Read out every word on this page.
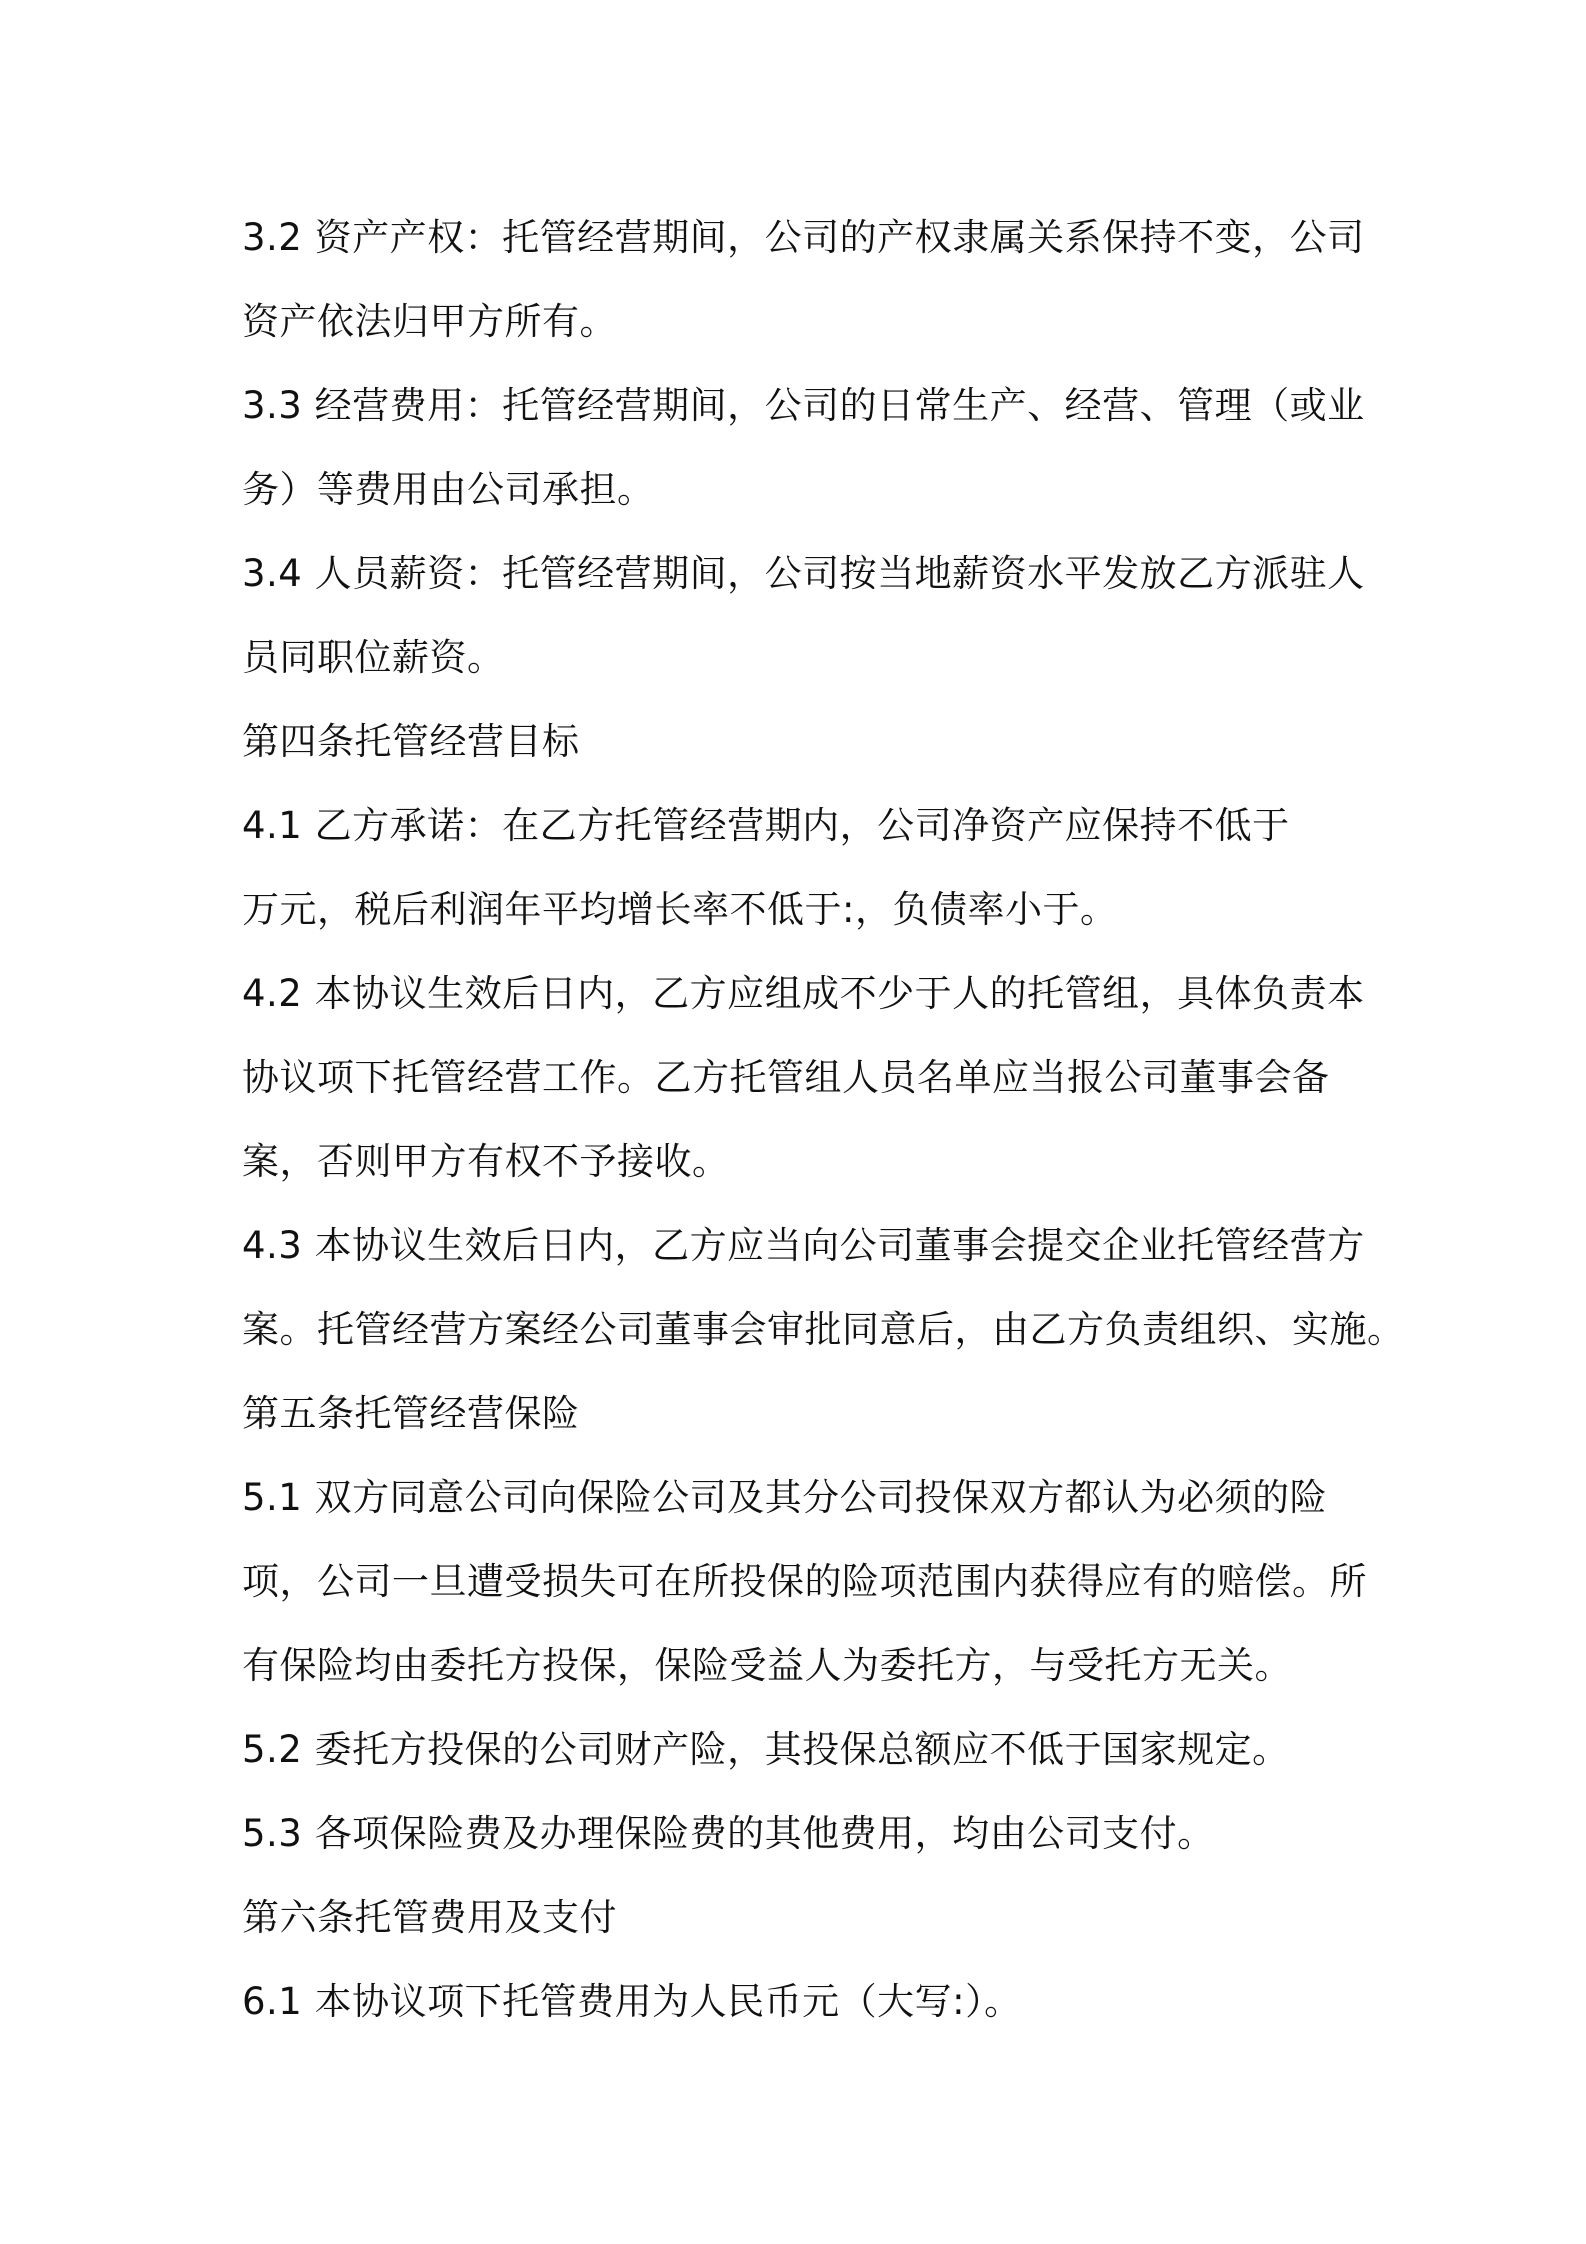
3.2 资产产权：托管经营期间，公司的产权隶属关系保持不变，公司
资产依法归甲方所有。
3.3 经营费用：托管经营期间，公司的日常生产、经营、管理（或业
务）等费用由公司承担。
3.4 人员薪资：托管经营期间，公司按当地薪资水平发放乙方派驻人
员同职位薪资。
第四条托管经营目标
4.1 乙方承诺：在乙方托管经营期内，公司净资产应保持不低于
万元，税后利润年平均增长率不低于:，负债率小于。
4.2 本协议生效后日内，乙方应组成不少于人的托管组，具体负责本
协议项下托管经营工作。乙方托管组人员名单应当报公司董事会备
案，否则甲方有权不予接收。
4.3 本协议生效后日内，乙方应当向公司董事会提交企业托管经营方
案。托管经营方案经公司董事会审批同意后，由乙方负责组织、实施。
第五条托管经营保险
5.1 双方同意公司向保险公司及其分公司投保双方都认为必须的险
项，公司一旦遭受损失可在所投保的险项范围内获得应有的赔偿。所
有保险均由委托方投保，保险受益人为委托方，与受托方无关。
5.2 委托方投保的公司财产险，其投保总额应不低于国家规定。
5.3 各项保险费及办理保险费的其他费用，均由公司支付。
第六条托管费用及支付
6.1 本协议项下托管费用为人民币元（大写:）。
